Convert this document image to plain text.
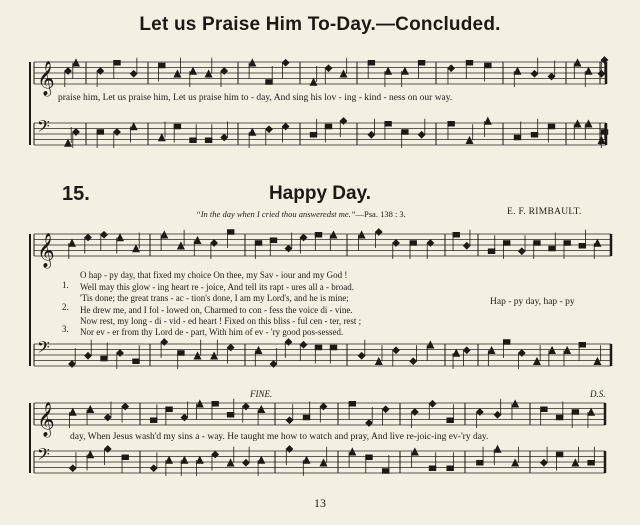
Let us Praise Him To-Day.—Concluded.
15.	Happy Day.
“In the day when I cried thou answeredst me.”—Psa. 138 : 3.	E. F. RIMBAULT.
𝄞
𝄢
𝄞
𝄢
𝄞
𝄢
praise him, Let us praise him, Let us praise him to - day, And sing his lov - ing - kind - ness on our way.
1.
2.
3.
O hap - py day, that fixed my choice On thee, my Sav - iour and my God !
Well may this glow - ing heart re - joice, And tell its rapt - ures all a - broad.
'Tis done; the great trans - ac - tion's done, I am my Lord's, and he is mine;
He drew me, and I fol - lowed on, Charmed to con - fess the voice di - vine.
Now rest, my long - di - vid - ed heart ! Fixed on this bliss - ful cen - ter, rest ;
Nor ev - er from thy Lord de - part, With him of ev - 'ry good pos-sessed.
Hap - py day, hap - py
FINE.	D.S.
day, When Jesus wash'd my sins a - way. He taught me how to watch and pray, And live re-joic-ing ev-'ry day.
13
